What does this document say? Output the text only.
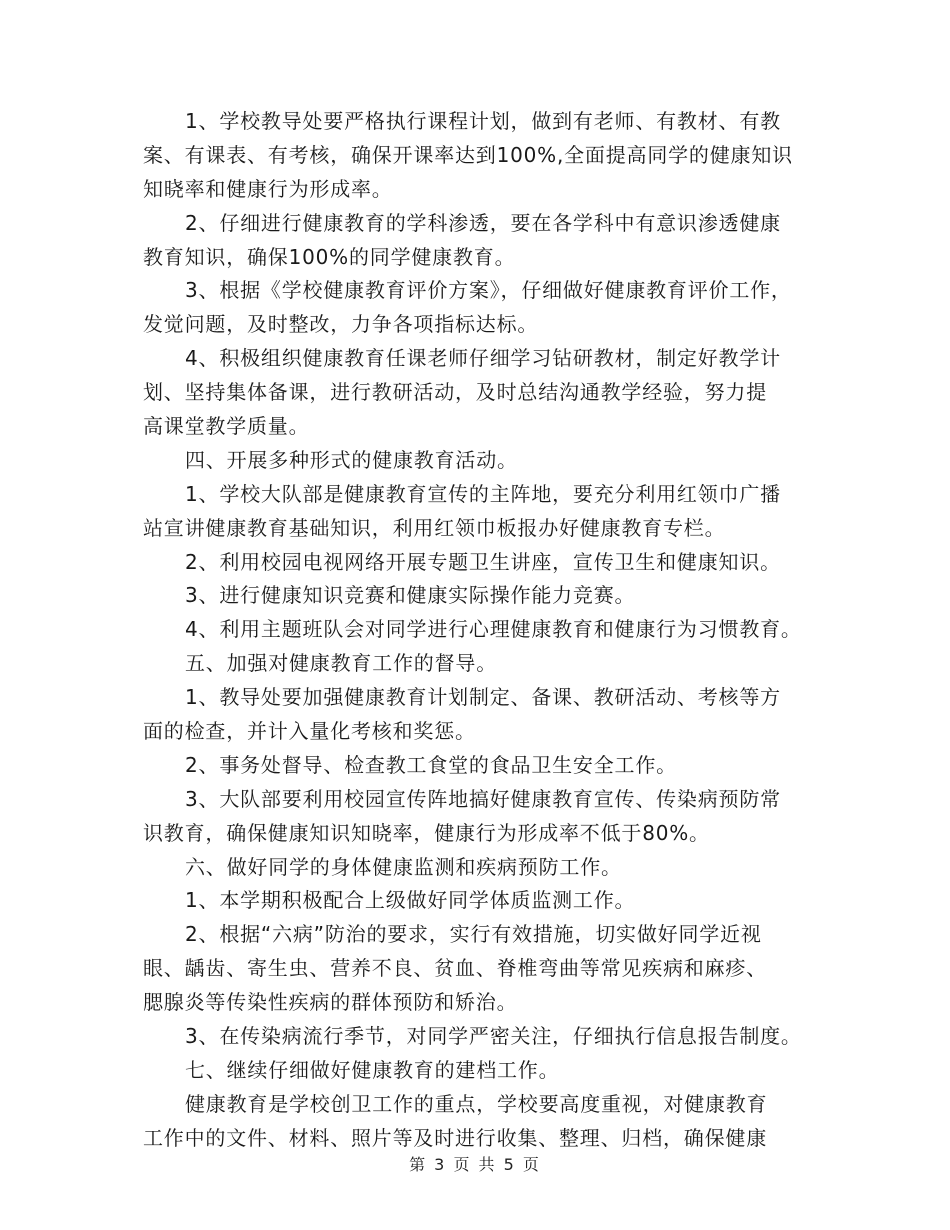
1、学校教导处要严格执行课程计划，做到有老师、有教材、有教
案、有课表、有考核，确保开课率达到100%,全面提高同学的健康知识
知晓率和健康行为形成率。
2、仔细进行健康教育的学科渗透，要在各学科中有意识渗透健康
教育知识，确保100%的同学健康教育。
3、根据《学校健康教育评价方案》，仔细做好健康教育评价工作，
发觉问题，及时整改，力争各项指标达标。
4、积极组织健康教育任课老师仔细学习钻研教材，制定好教学计
划、坚持集体备课，进行教研活动，及时总结沟通教学经验，努力提
高课堂教学质量。
四、开展多种形式的健康教育活动。
1、学校大队部是健康教育宣传的主阵地，要充分利用红领巾广播
站宣讲健康教育基础知识，利用红领巾板报办好健康教育专栏。
2、利用校园电视网络开展专题卫生讲座，宣传卫生和健康知识。
3、进行健康知识竞赛和健康实际操作能力竞赛。
4、利用主题班队会对同学进行心理健康教育和健康行为习惯教育。
五、加强对健康教育工作的督导。
1、教导处要加强健康教育计划制定、备课、教研活动、考核等方
面的检查，并计入量化考核和奖惩。
2、事务处督导、检查教工食堂的食品卫生安全工作。
3、大队部要利用校园宣传阵地搞好健康教育宣传、传染病预防常
识教育，确保健康知识知晓率，健康行为形成率不低于80%。
六、做好同学的身体健康监测和疾病预防工作。
1、本学期积极配合上级做好同学体质监测工作。
2、根据“六病”防治的要求，实行有效措施，切实做好同学近视
眼、龋齿、寄生虫、营养不良、贫血、脊椎弯曲等常见疾病和麻疹、
腮腺炎等传染性疾病的群体预防和矫治。
3、在传染病流行季节，对同学严密关注，仔细执行信息报告制度。
七、继续仔细做好健康教育的建档工作。
健康教育是学校创卫工作的重点，学校要高度重视，对健康教育
工作中的文件、材料、照片等及时进行收集、整理、归档，确保健康
第 3 页 共 5 页
